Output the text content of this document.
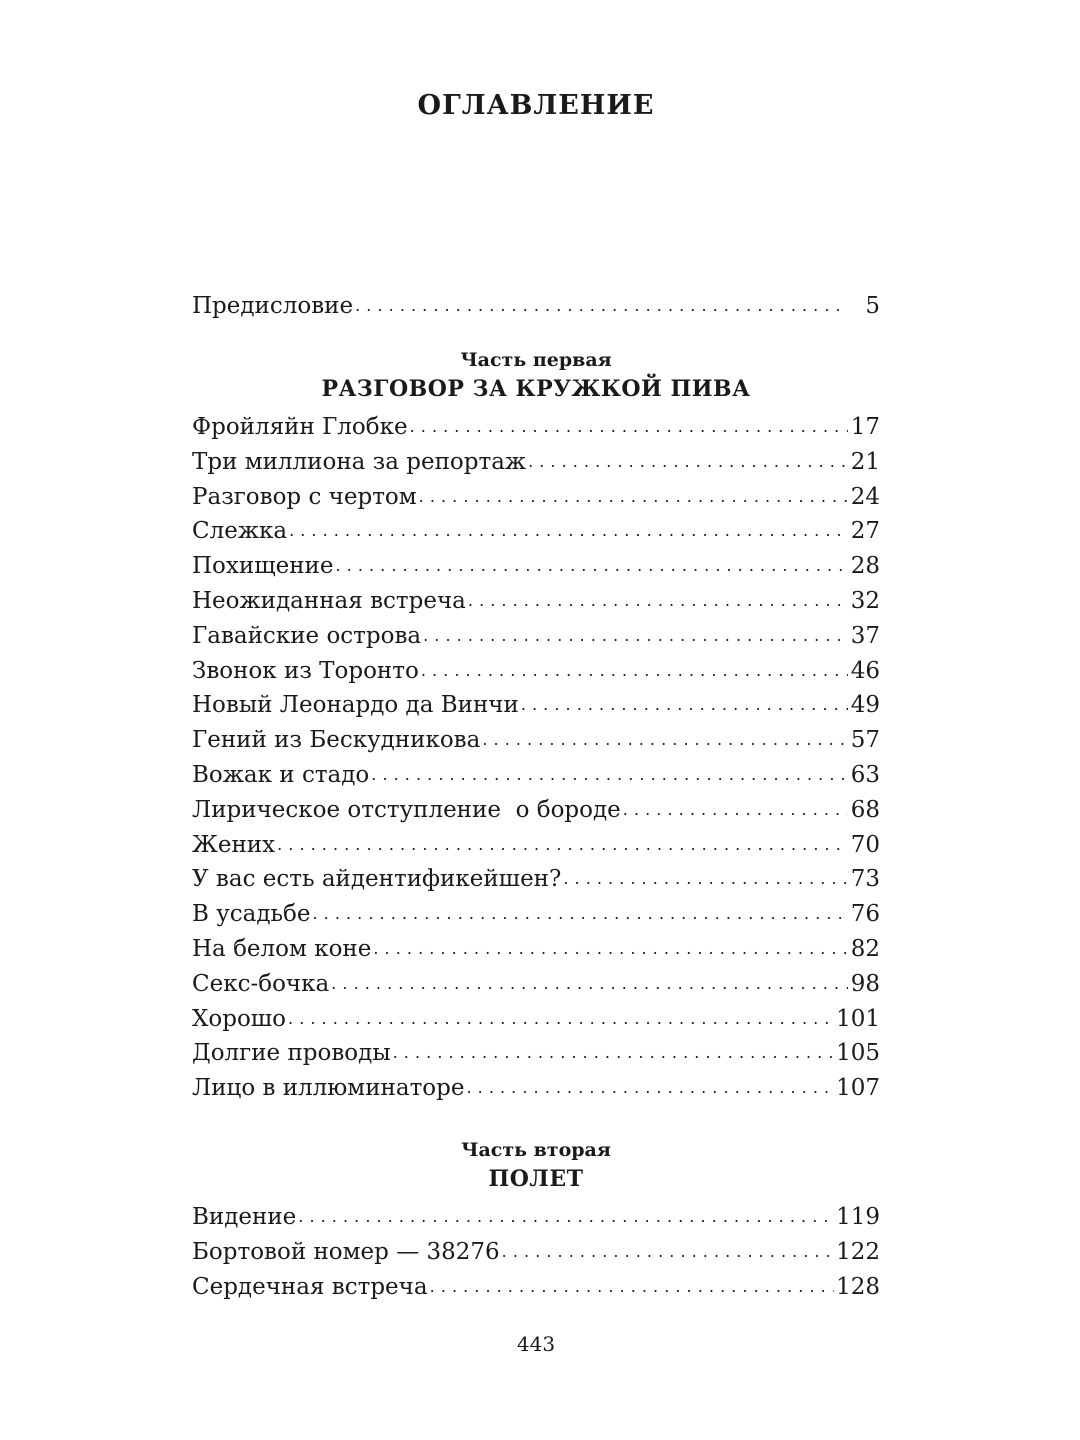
ОГЛАВЛЕНИЕ
Предисловие . . .	5
Часть первая
РАЗГОВОР ЗА КРУЖКОЙ ПИВА
Фройляйн Глобке . . .	17
Три миллиона за репортаж . . .	21
Разговор с чертом . . .	24
Слежка . . .	27
Похищение . . .	28
Неожиданная встреча . . .	32
Гавайские острова . . .	37
Звонок из Торонто . . .	46
Новый Леонардо да Винчи . . .	49
Гений из Бескудникова . . .	57
Вожак и стадо . . .	63
Лирическое отступление  о бороде . . .	68
Жених . . .	70
У вас есть айдентификейшен? . . .	73
В усадьбе . . .	76
На белом коне . . .	82
Секс-бочка . . .	98
Хорошо . . .	101
Долгие проводы . . .	105
Лицо в иллюминаторе . . .	107
Часть вторая
ПОЛЕТ
Видение . . .	119
Бортовой номер — 38276 . . .	122
Сердечная встреча . . .	128
443
